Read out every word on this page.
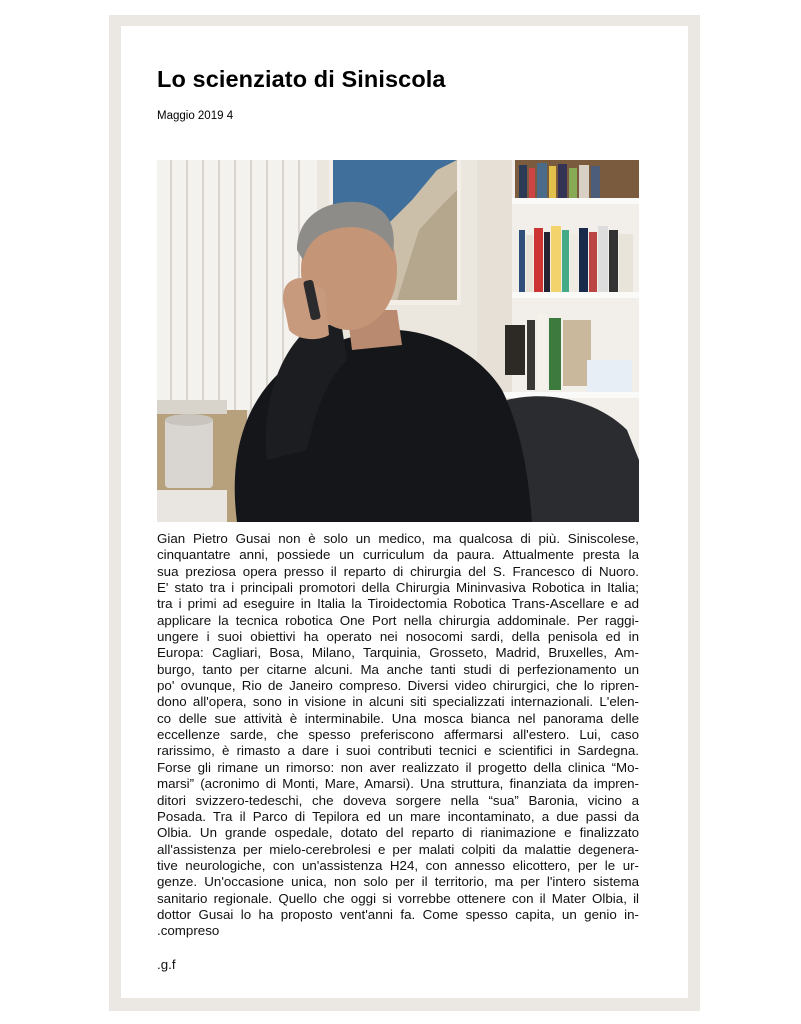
Lo scienziato di Siniscola
Maggio 2019 4
Gian Pietro Gusai non è solo un medico, ma qualcosa di più. Siniscolese,
cinquantatre anni, possiede un curriculum da paura. Attualmente presta la
sua preziosa opera presso il reparto di chirurgia del S. Francesco di Nuoro.
E' stato tra i principali promotori della Chirurgia Mininvasiva Robotica in Italia;
tra i primi ad eseguire in Italia la Tiroidectomia Robotica Trans-Ascellare e ad
applicare la tecnica robotica One Port nella chirurgia addominale. Per raggi-
ungere i suoi obiettivi ha operato nei nosocomi sardi, della penisola ed in
Europa: Cagliari, Bosa, Milano, Tarquinia, Grosseto, Madrid, Bruxelles, Am-
burgo, tanto per citarne alcuni. Ma anche tanti studi di perfezionamento un
po' ovunque, Rio de Janeiro compreso. Diversi video chirurgici, che lo ripren-
dono all'opera, sono in visione in alcuni siti specializzati internazionali. L'elen-
co delle sue attività è interminabile. Una mosca bianca nel panorama delle
eccellenze sarde, che spesso preferiscono affermarsi all'estero. Lui, caso
rarissimo, è rimasto a dare i suoi contributi tecnici e scientifici in Sardegna.
Forse gli rimane un rimorso: non aver realizzato il progetto della clinica “Mo-
marsi” (acronimo di Monti, Mare, Amarsi). Una struttura, finanziata da impren-
ditori svizzero-tedeschi, che doveva sorgere nella “sua” Baronia, vicino a
Posada. Tra il Parco di Tepilora ed un mare incontaminato, a due passi da
Olbia. Un grande ospedale, dotato del reparto di rianimazione e finalizzato
all'assistenza per mielo-cerebrolesi e per malati colpiti da malattie degenera-
tive neurologiche, con un'assistenza H24, con annesso elicottero, per le ur-
genze. Un'occasione unica, non solo per il territorio, ma per l'intero sistema
sanitario regionale. Quello che oggi si vorrebbe ottenere con il Mater Olbia, il
dottor Gusai lo ha proposto vent'anni fa. Come spesso capita, un genio in-
.compreso
.g.f
